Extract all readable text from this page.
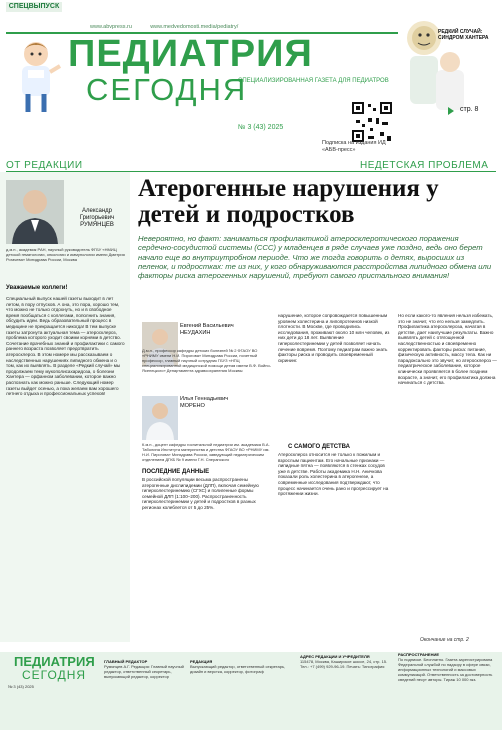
СПЕЦВЫПУСК
www.abvpress.ru            www.medvedomosti.media/pediatry/
ПЕДИАТРИЯ
СЕГОДНЯ
СПЕЦИАЛИЗИРОВАННАЯ ГАЗЕТА ДЛЯ ПЕДИАТРОВ
№ 3 (43) 2025
Подписка на издания ИД «АБВ-пресс»
РЕДКИЙ СЛУЧАЙ: СИНДРОМ ХАНТЕРА
стр. 8
ОТ РЕДАКЦИИ	НЕДЕТСКАЯ ПРОБЛЕМА
Александр Григорьевич РУМЯНЦЕВ
д.м.н., академик РАН, научный руководитель ФГБУ «НМИЦ детской гематологии, онкологии и иммунологии имени Дмитрия Рогачева» Минздрава России, Москва
Уважаемые коллеги!
Специальный выпуск нашей газеты выходит в лет летом, в пору отпусков. А она, это пора, хорошо тем, что можно не только отдохнуть, но и в свободное время пообщаться с коллегами, пополнить знания, обсудить идеи. Ведь образовательный процесс в медицине не прекращается никогда! В тем выпуске газеты затронута актуальная тема — атеросклероз, проблема которого уходит своими корнями в детство. Сочетание врачебных знаний и профилактики с самого раннего возраста позволяет предотвратить атеросклероз. В этом номере мы рассказываем о наследственных нарушениях липидного обмена и о том, как их выявлять. В разделе «Редкий случай» мы продолжаем тему мукополисахаридоза, о болезни Хантера — орфанном заболевании, которое важно распознать как можно раньше. Следующий номер газеты выйдет осенью, а пока желаем вам хорошего летнего отдыха и профессиональных успехов!
Атерогенные нарушения у детей и подростков
Невероятно, но факт: заниматься профилактикой атеросклеротического поражения сердечно-сосудистой системы (ССС) у младенцев в ряде случаев уже поздно, ведь оно берет начало еще во внутриутробном периоде. Что же тогда говорить о детях, выросших из пеленок, и подростках: те из них, у кого обнаруживаются расстройства липидного обмена или факторы риска атерогенных нарушений, требуют самого пристального внимания!
Евгений Васильевич НЕУДАХИН
Д.м.н., профессор кафедры детских болезней № 2 ФГАОУ ВО «РНИМУ имени Н.И. Пирогова» Минздрава России, почетный профессор, главный научный сотрудник ГБУЗ «НПЦ специализированной медицинской помощи детям имени В.Ф. Войно-Ясенецкого» Департамента здравоохранения Москвы
Илья Геннадьевич МОРЕНО
К.м.н., доцент кафедры госпитальной педиатрии им. академика В.А. Таболина Института материнства и детства ФГАОУ ВО «РНИМУ им. Н.И. Пирогова» Минздрава России, заведующий педиатрическим отделением ДГКБ № 9 имени Г.Н. Сперанского
ПОСЛЕДНИЕ ДАННЫЕ
В российской популяции весьма распространены атерогенные дислипидемии (ДЛП), включая семейную гиперхолестеринемию (СГХС) и полигенные формы семейной ДЛП (1:100–200). Распространенность гиперхолестеринемии у детей и подростков в разных регионах колеблется от 5 до 25%.
нарушение, которое сопровождается повышенным уровнем холестерина и липопротеинов низкой плотности. В Москве, где проводились исследования, проживают около 10 млн человек, из них дети до 18 лет. Выявление гиперхолестеринемии у детей позволяет начать лечение вовремя. Поэтому педиатрам важно знать факторы риска и проводить своевременный скрининг.
С САМОГО ДЕТСТВА
Атеросклероз относится не только к пожилым и взрослым пациентам. Его начальные признаки — липидные пятна — появляются в стенках сосудов уже в детстве. Работы академика Н.Н. Аничкова показали роль холестерина в атерогенезе, а современные исследования подтверждают, что процесс начинается очень рано и прогрессирует на протяжении жизни.
Но если какого-то явления нельзя избежать, это не значит, что его нельзя замедлить. Профилактика атеросклероза, начатая в детстве, дает наилучшие результаты. Важно выявлять детей с отягощенной наследственностью и своевременно корректировать факторы риска: питание, физическую активность, массу тела. Как ни парадоксально это звучит, но атеросклероз — педиатрическое заболевание, которое клинически проявляется в более позднем возрасте, а значит, его профилактика должна начинаться с детства.
Окончание на стр. 2
ПЕДИАТРИЯ
СЕГОДНЯ
№ 3 (43) 2025
ГЛАВНЫЙ РЕДАКТОР
Румянцев А.Г. Редакция: Главный научный редактор, ответственный секретарь, выпускающий редактор, корректор
РЕДАКЦИЯ
Выпускающий редактор, ответственный секретарь, дизайн и верстка, корректор, фотограф
АДРЕС РЕДАКЦИИ И УЧРЕДИТЕЛЯ
115478, Москва, Каширское шоссе, 24, стр. 15. Тел.: +7 (499) 929-96-19. Печать: Типография
РАСПРОСТРАНЕНИЕ
По подписке. Бесплатно. Газета зарегистрирована Федеральной службой по надзору в сфере связи, информационных технологий и массовых коммуникаций. Ответственность за достоверность сведений несут авторы. Тираж 10 000 экз.
